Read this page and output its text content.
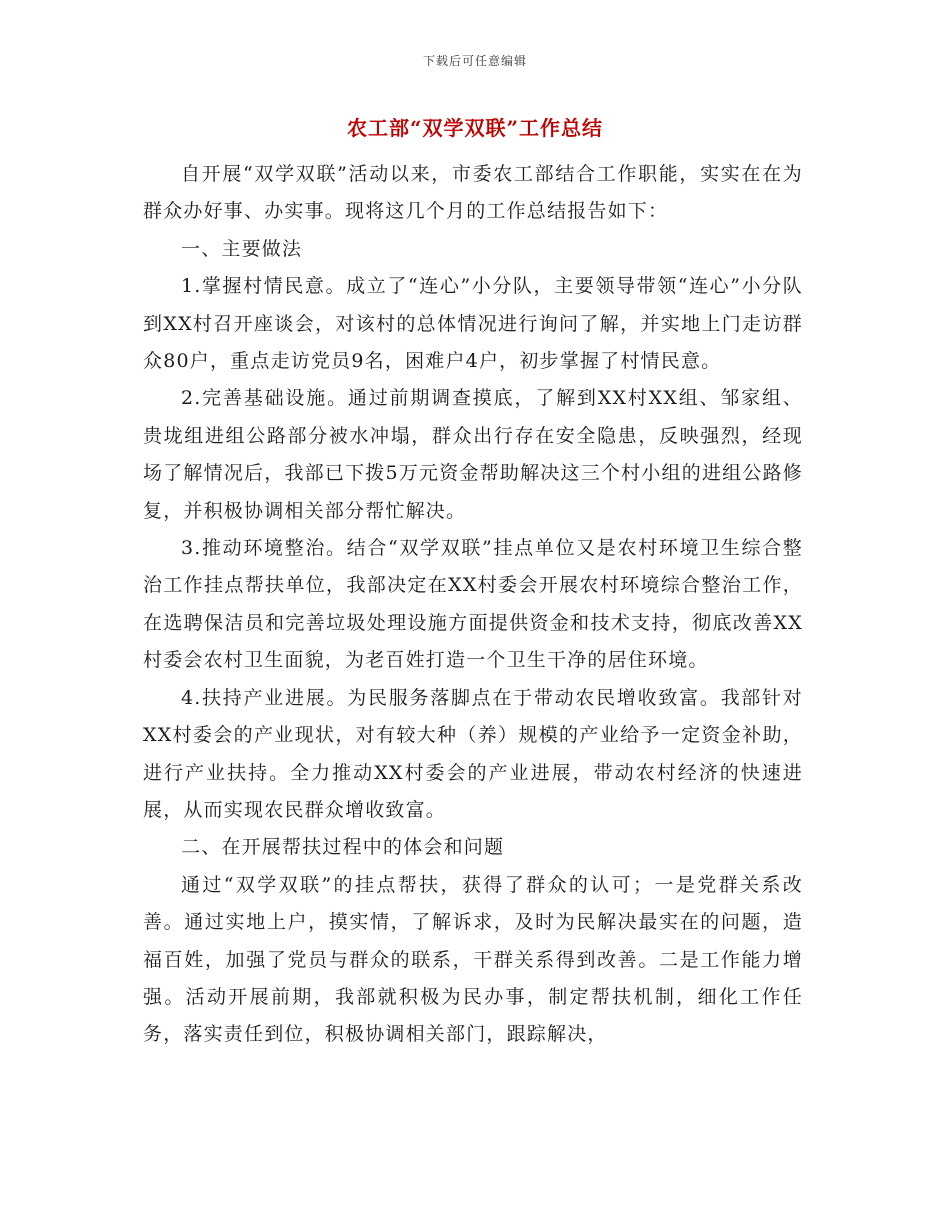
下载后可任意编辑
农工部“双学双联”工作总结

自开展“双学双联”活动以来，市委农工部结合工作职能，实实在在为群众办好事、办实事。现将这几个月的工作总结报告如下：

一、主要做法

1.掌握村情民意。成立了“连心”小分队，主要领导带领“连心”小分队到XX村召开座谈会，对该村的总体情况进行询问了解，并实地上门走访群众80户，重点走访党员9名，困难户4户，初步掌握了村情民意。

2.完善基础设施。通过前期调查摸底，了解到XX村XX组、邹家组、贵垅组进组公路部分被水冲塌，群众出行存在安全隐患，反映强烈，经现场了解情况后，我部已下拨5万元资金帮助解决这三个村小组的进组公路修复，并积极协调相关部分帮忙解决。

3.推动环境整治。结合“双学双联”挂点单位又是农村环境卫生综合整治工作挂点帮扶单位，我部决定在XX村委会开展农村环境综合整治工作，在选聘保洁员和完善垃圾处理设施方面提供资金和技术支持，彻底改善XX村委会农村卫生面貌，为老百姓打造一个卫生干净的居住环境。

4.扶持产业进展。为民服务落脚点在于带动农民增收致富。我部针对XX村委会的产业现状，对有较大种（养）规模的产业给予一定资金补助，进行产业扶持。全力推动XX村委会的产业进展，带动农村经济的快速进展，从而实现农民群众增收致富。

二、在开展帮扶过程中的体会和问题

通过“双学双联”的挂点帮扶，获得了群众的认可；一是党群关系改善。通过实地上户，摸实情，了解诉求，及时为民解决最实在的问题，造福百姓，加强了党员与群众的联系，干群关系得到改善。二是工作能力增强。活动开展前期，我部就积极为民办事，制定帮扶机制，细化工作任务，落实责任到位，积极协调相关部门，跟踪解决，
